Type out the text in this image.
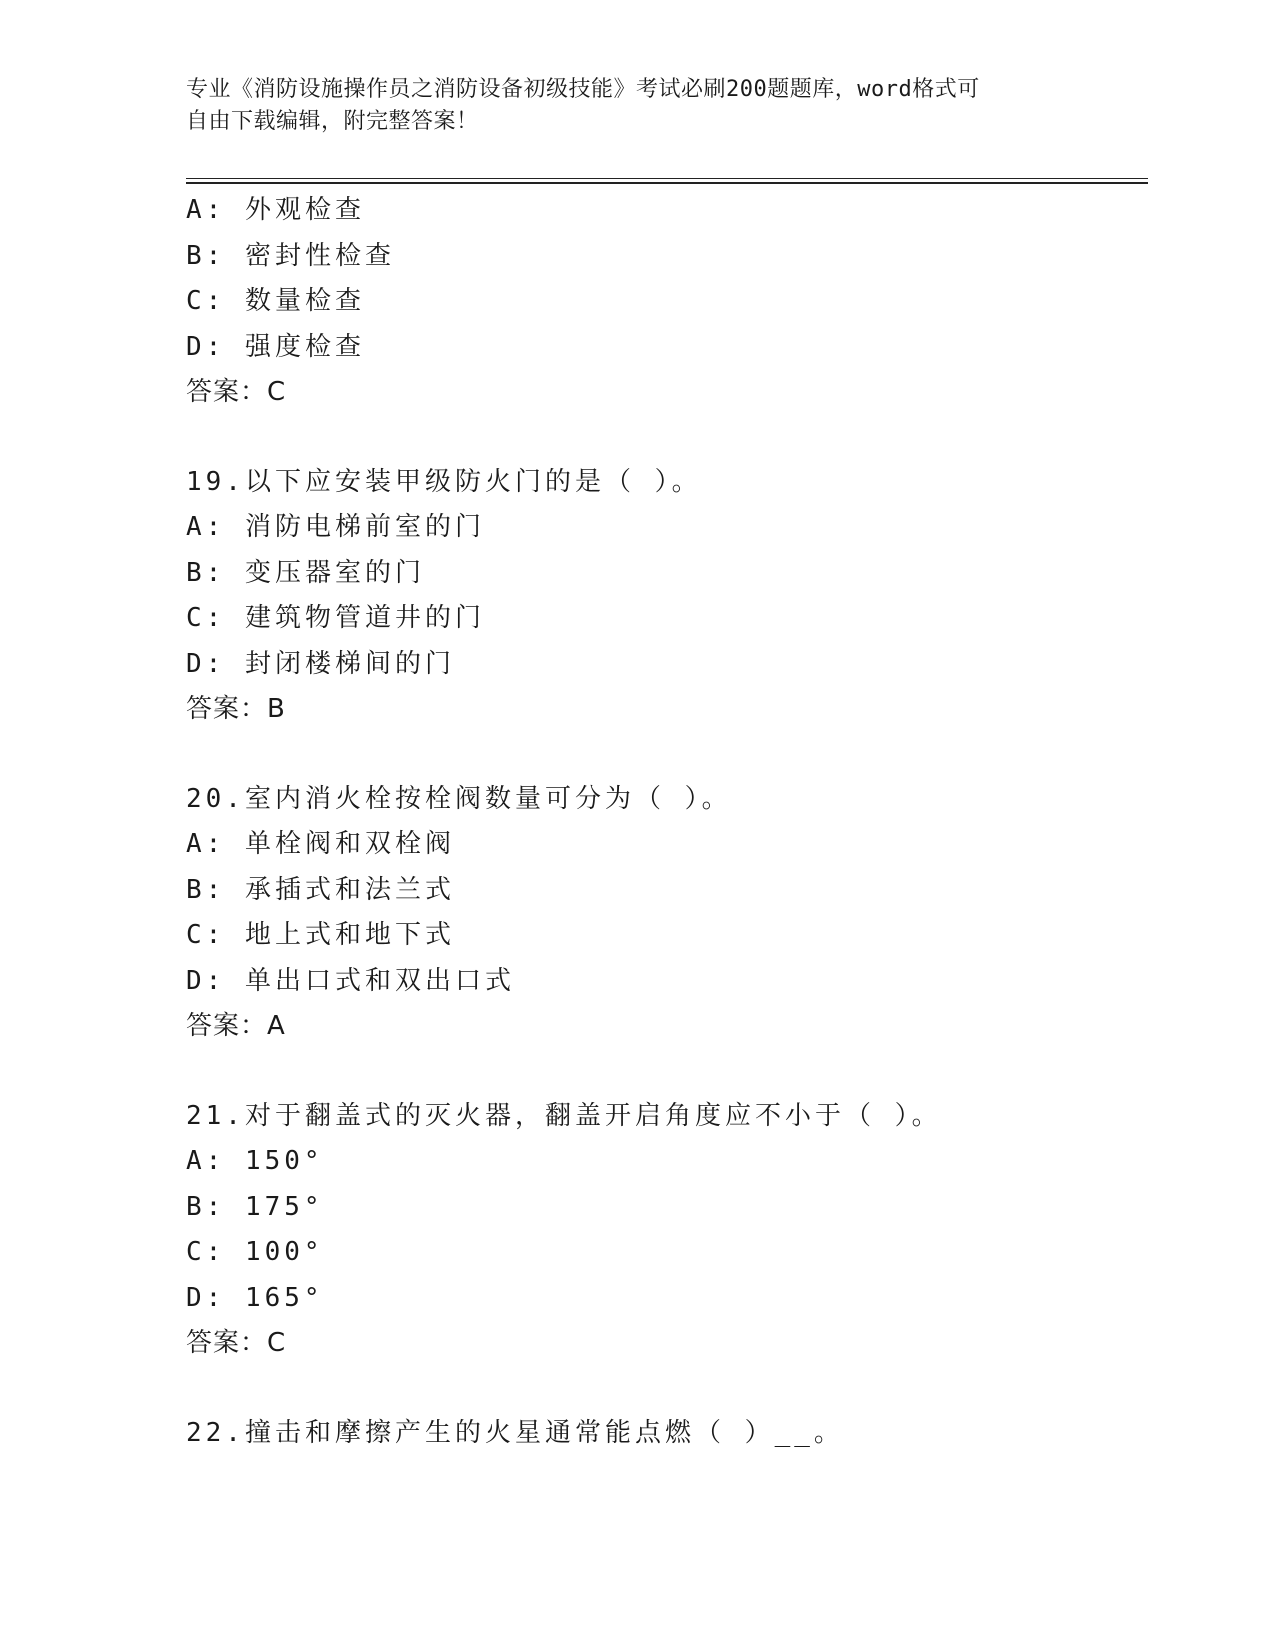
专业《消防设施操作员之消防设备初级技能》考试必刷200题题库，word格式可
自由下载编辑，附完整答案！
A: 外观检查
B: 密封性检查
C: 数量检查
D: 强度检查
答案：C
19.以下应安装甲级防火门的是（ ）。
A: 消防电梯前室的门
B: 变压器室的门
C: 建筑物管道井的门
D: 封闭楼梯间的门
答案：B
20.室内消火栓按栓阀数量可分为（ ）。
A: 单栓阀和双栓阀
B: 承插式和法兰式
C: 地上式和地下式
D: 单出口式和双出口式
答案：A
21.对于翻盖式的灭火器，翻盖开启角度应不小于（ ）。
A: 150°
B: 175°
C: 100°
D: 165°
答案：C
22.撞击和摩擦产生的火星通常能点燃（ ）__。
